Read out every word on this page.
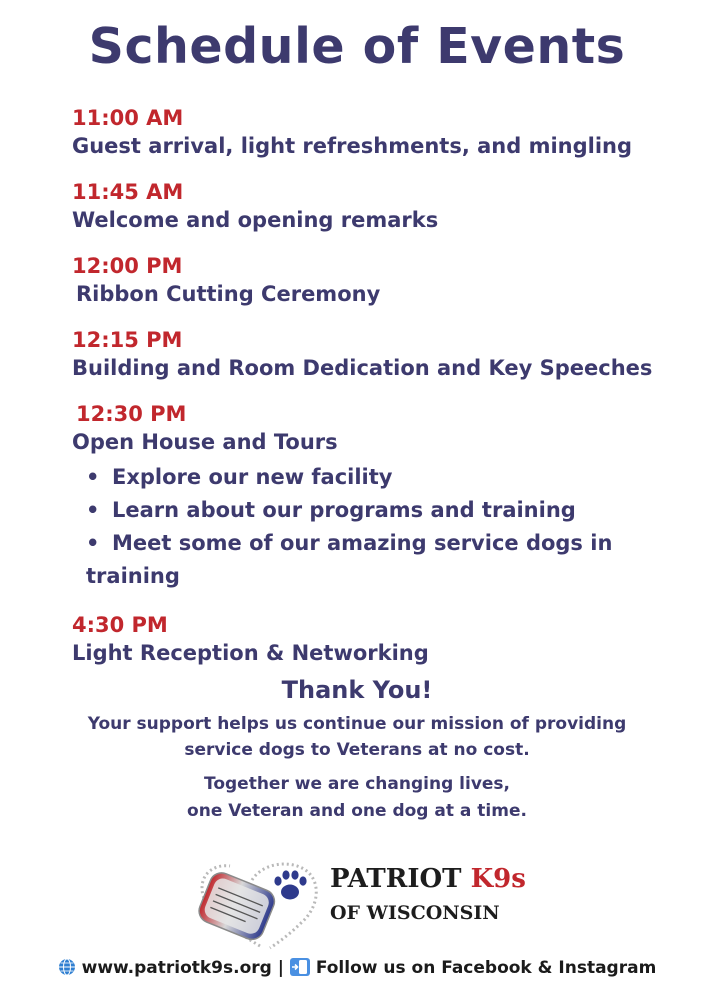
Schedule of Events
11:00 AM
Guest arrival, light refreshments, and mingling
11:45 AM
Welcome and opening remarks
12:00 PM
Ribbon Cutting Ceremony
12:15 PM
Building and Room Dedication and Key Speeches
12:30 PM
Open House and Tours
• Explore our new facility
• Learn about our programs and training
• Meet some of our amazing service dogs in training
4:30 PM
Light Reception & Networking
Thank You!
Your support helps us continue our mission of providing
service dogs to Veterans at no cost.
Together we are changing lives,
one Veteran and one dog at a time.
PATRIOT K9s
OF WISCONSIN
www.patriotk9s.org | Follow us on Facebook & Instagram
